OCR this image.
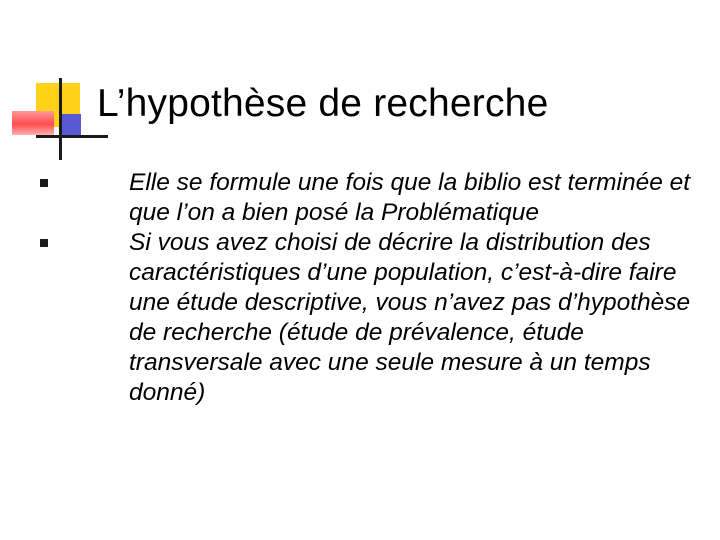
L’hypothèse de recherche
Elle se formule une fois que la biblio est terminée et que l’on a bien posé la Problématique
Si vous avez choisi de décrire la distribution des caractéristiques d’une population, c’est-à-dire faire une étude descriptive, vous n’avez pas d’hypothèse de recherche (étude de prévalence, étude transversale avec une seule mesure à un temps donné)
